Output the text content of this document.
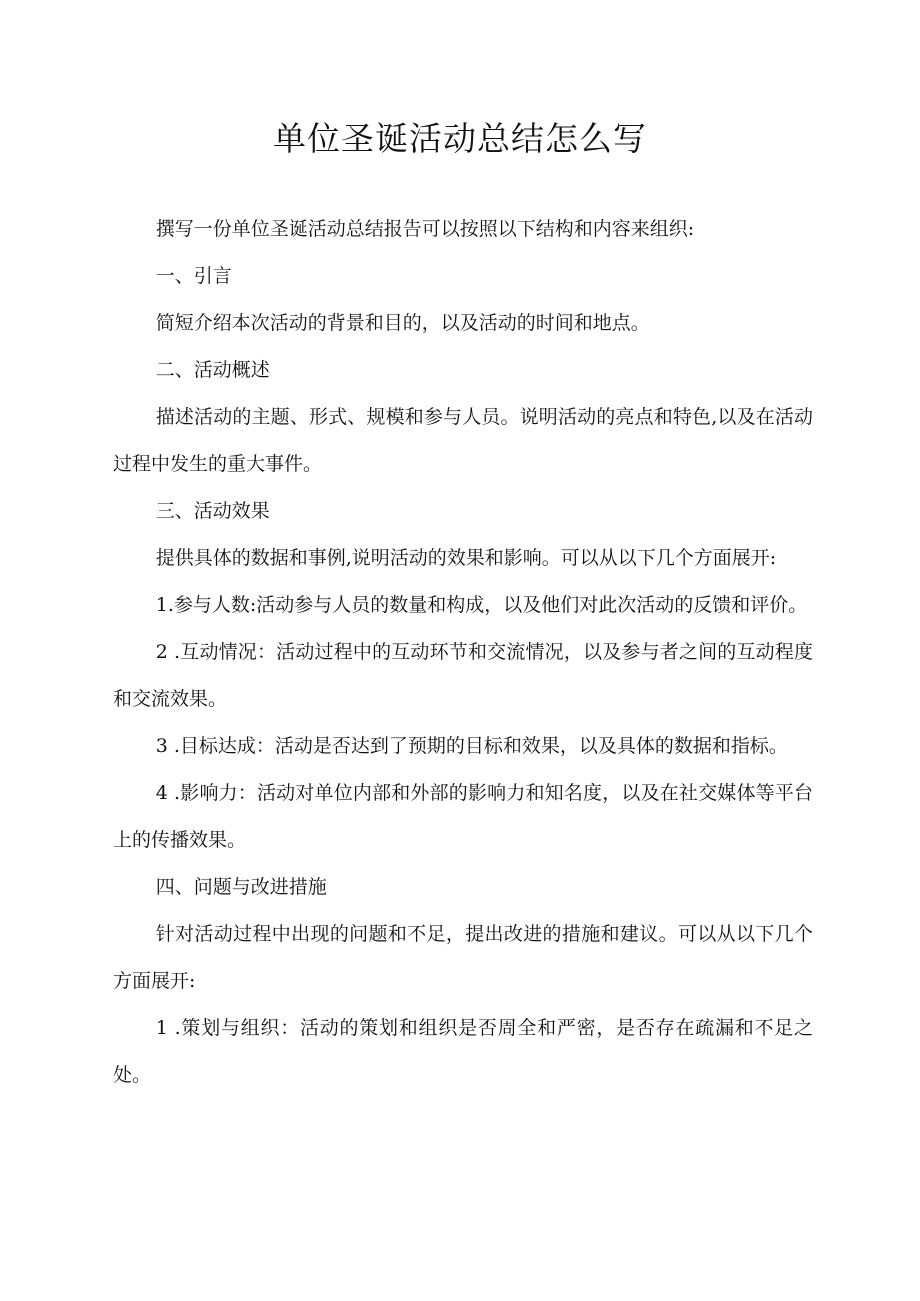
单位圣诞活动总结怎么写

撰写一份单位圣诞活动总结报告可以按照以下结构和内容来组织:

一、引言

简短介绍本次活动的背景和目的，以及活动的时间和地点。

二、活动概述

描述活动的主题、形式、规模和参与人员。说明活动的亮点和特色,以及在活动过程中发生的重大事件。

三、活动效果

提供具体的数据和事例,说明活动的效果和影响。可以从以下几个方面展开:

1.参与人数:活动参与人员的数量和构成，以及他们对此次活动的反馈和评价。

2 .互动情况：活动过程中的互动环节和交流情况，以及参与者之间的互动程度和交流效果。

3 .目标达成：活动是否达到了预期的目标和效果，以及具体的数据和指标。

4 .影响力：活动对单位内部和外部的影响力和知名度，以及在社交媒体等平台上的传播效果。

四、问题与改进措施

针对活动过程中出现的问题和不足，提出改进的措施和建议。可以从以下几个方面展开:

1 .策划与组织：活动的策划和组织是否周全和严密，是否存在疏漏和不足之处。
